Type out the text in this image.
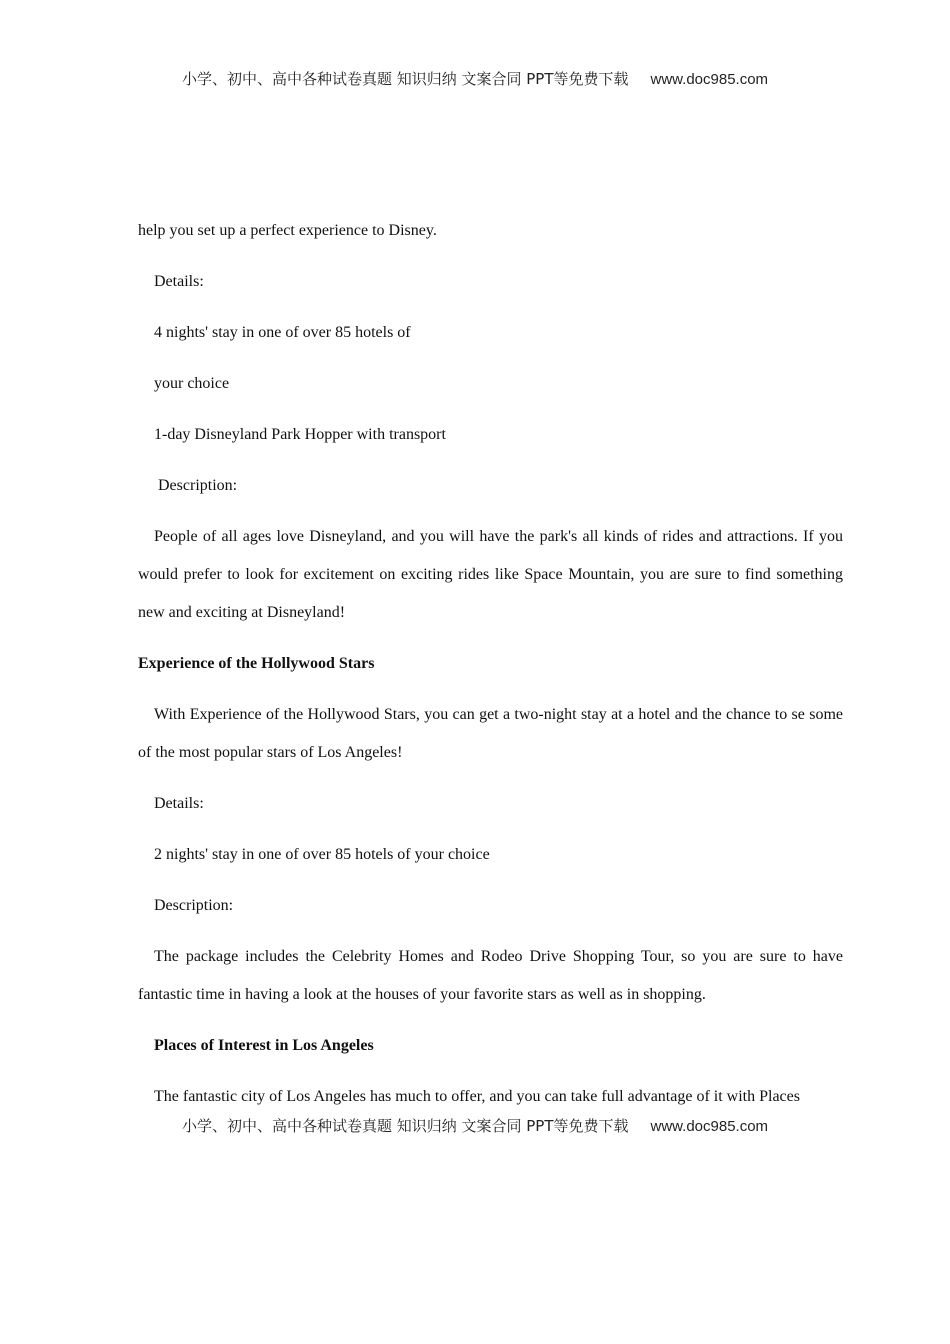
小学、初中、高中各种试卷真题 知识归纳 文案合同 PPT等免费下载 www.doc985.com

help you set up a perfect experience to Disney.

Details:

4 nights' stay in one of over 85 hotels of

your choice

1-day Disneyland Park Hopper with transport

Description:

People of all ages love Disneyland, and you will have the park's all kinds of rides and attractions. If you would prefer to look for excitement on exciting rides like Space Mountain, you are sure to find something new and exciting at Disneyland!

Experience of the Hollywood Stars

With Experience of the Hollywood Stars, you can get a two-night stay at a hotel and the chance to se some of the most popular stars of Los Angeles!

Details:

2 nights' stay in one of over 85 hotels of your choice

Description:

The package includes the Celebrity Homes and Rodeo Drive Shopping Tour, so you are sure to have fantastic time in having a look at the houses of your favorite stars as well as in shopping.

Places of Interest in Los Angeles

The fantastic city of Los Angeles has much to offer, and you can take full advantage of it with Places

小学、初中、高中各种试卷真题 知识归纳 文案合同 PPT等免费下载 www.doc985.com
